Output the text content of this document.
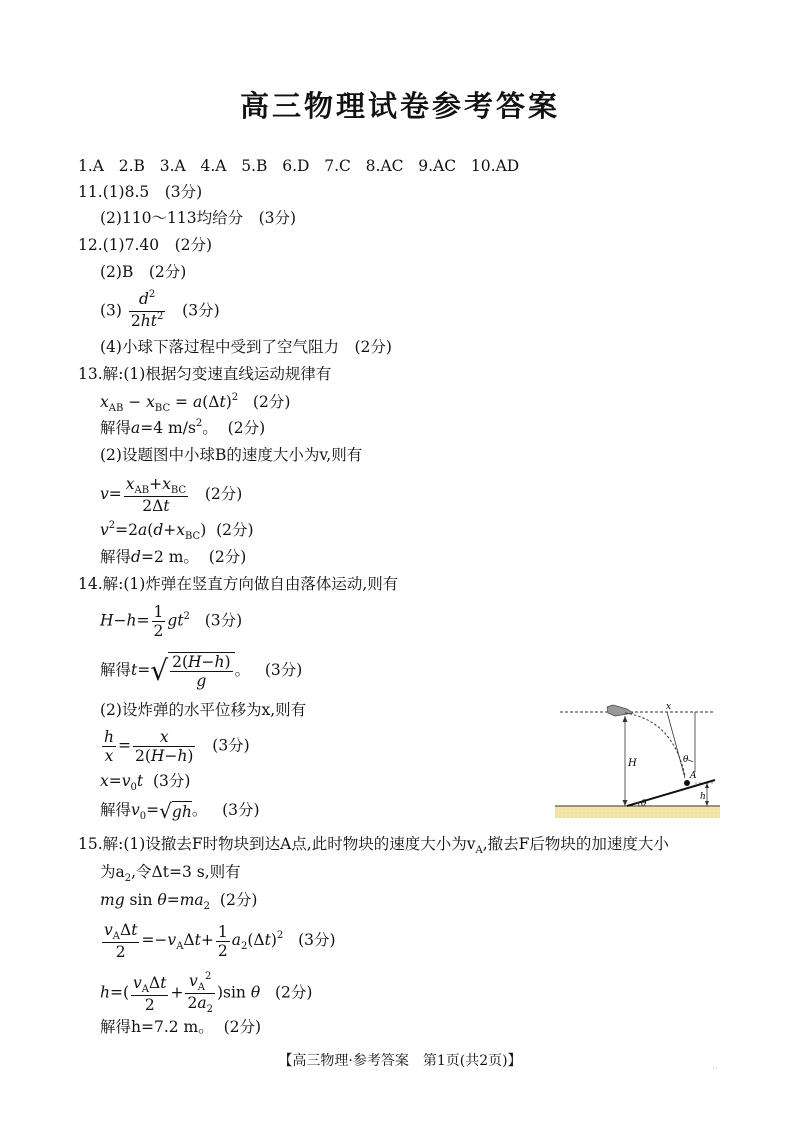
高三物理试卷参考答案
1.A 2.B 3.A 4.A 5.B 6.D 7.C 8.AC 9.AC 10.AD
11.(1)8.5　(3分)
(2)110～113均给分　(3分)
12.(1)7.40　(2分)
(2)B　(2分)
$(3) \frac{d^2}{2ht^2} (3$分)
(4)小球下落过程中受到了空气阻力　(2分)
13.解:(1)根据匀变速直线运动规律有
$x_{AB} - x_{BC} = a(\Delta t)^2$ (2分)
解得a=4 $m/s^2$。  (2分)
(2)设题图中小球B的速度大小为v,则有
$v= \frac{x_{AB}+x_{BC}}{2\Delta t} (2$分)
$v^2=2a(d+x_{BC})$  (2分)
解得d=2 m。  (2分)
14.解:(1)炸弹在竖直方向做自由落体运动,则有
$H-h= \frac{1}{2} gt^2$ (3分)
解得$t=√ \frac{2(H-h)}{g}$ 。   (3分)
(2)设炸弹的水平位移为x,则有
$\frac{h}{x} = \frac{x}{2(H-h)} (3$分)
$x=v_0t$ (3分)
解得$v_0=√gh$。   (3分)
x
θ
A
H
h
θ
15.解:(1)设撤去F时物块到达A点,此时物块的速度大小为$v_A$,撤去F后物块的加速度大小
为$a_2$,令Δt=3 s,则有
mg $\sin \theta=ma_2$ (2分)
$\frac{v_A\Delta t}{2} =-v_A\Delta t+ \frac{1}{2} a_2(\Delta t)^2$ (3分)
$h=( \frac{v_A\Delta t}{2} + \frac{v_A^2}{2a_2} )\sin$ θ (2分)
解得h=7.2 m。 (2分)
【高三物理·参考答案　第1页(共2页)】	··
